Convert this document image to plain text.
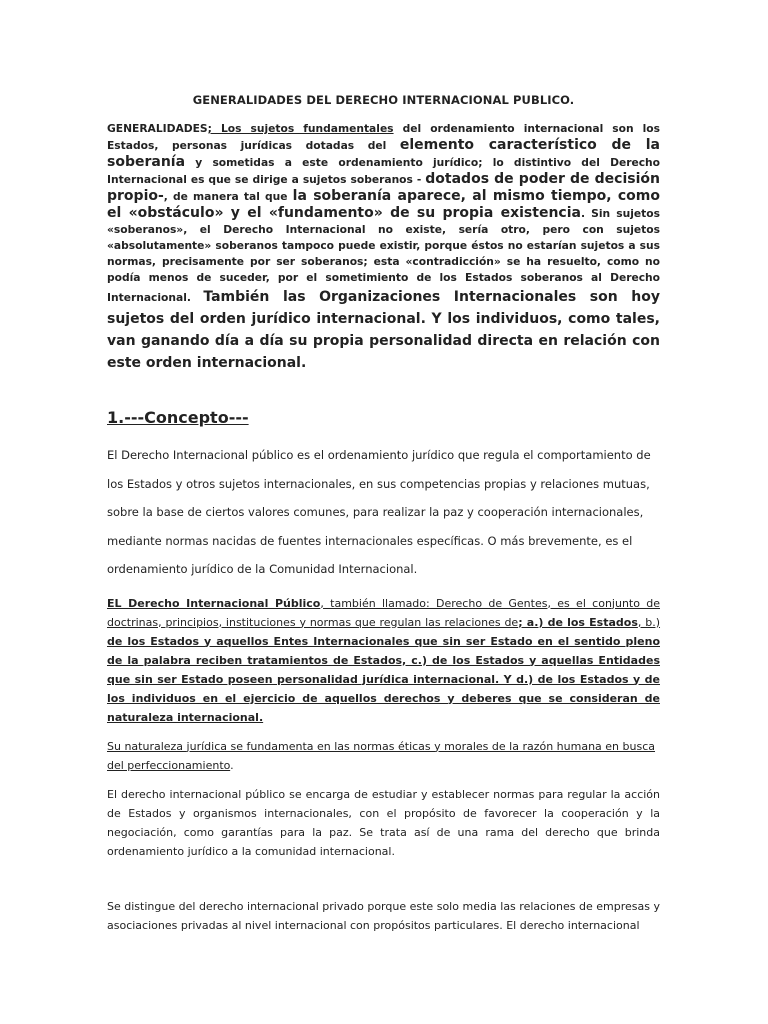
GENERALIDADES DEL DERECHO INTERNACIONAL PUBLICO.

GENERALIDADES; Los sujetos fundamentales del ordenamiento internacional son los Estados, personas jurídicas dotadas del elemento característico de la soberanía y sometidas a este ordenamiento jurídico; lo distintivo del Derecho Internacional es que se dirige a sujetos soberanos - dotados de poder de decisión propio-, de manera tal que la soberanía aparece, al mismo tiempo, como el «obstáculo» y el «fundamento» de su propia existencia. Sin sujetos «soberanos», el Derecho Internacional no existe, sería otro, pero con sujetos «absolutamente» soberanos tampoco puede existir, porque éstos no estarían sujetos a sus normas, precisamente por ser soberanos; esta «contradicción» se ha resuelto, como no podía menos de suceder, por el sometimiento de los Estados soberanos al Derecho Internacional. También las Organizaciones Internacionales son hoy sujetos del orden jurídico internacional. Y los individuos, como tales, van ganando día a día su propia personalidad directa en relación con este orden internacional.

1.---Concepto---

El Derecho Internacional público es el ordenamiento jurídico que regula el comportamiento de los Estados y otros sujetos internacionales, en sus competencias propias y relaciones mutuas, sobre la base de ciertos valores comunes, para realizar la paz y cooperación internacionales, mediante normas nacidas de fuentes internacionales específicas. O más brevemente, es el ordenamiento jurídico de la Comunidad Internacional.

EL Derecho Internacional Público, también llamado: Derecho de Gentes, es el conjunto de doctrinas, principios, instituciones y normas que regulan las relaciones de; a.) de los Estados, b.) de los Estados y aquellos Entes Internacionales que sin ser Estado en el sentido pleno de la palabra reciben tratamientos de Estados, c.) de los Estados y aquellas Entidades que sin ser Estado poseen personalidad jurídica internacional. Y d.) de los Estados y de los individuos en el ejercicio de aquellos derechos y deberes que se consideran de naturaleza internacional.

Su naturaleza jurídica se fundamenta en las normas éticas y morales de la razón humana en busca del perfeccionamiento.

El derecho internacional público se encarga de estudiar y establecer normas para regular la acción de Estados y organismos internacionales, con el propósito de favorecer la cooperación y la negociación, como garantías para la paz. Se trata así de una rama del derecho que brinda ordenamiento jurídico a la comunidad internacional.

Se distingue del derecho internacional privado porque este solo media las relaciones de empresas y asociaciones privadas al nivel internacional con propósitos particulares. El derecho internacional
